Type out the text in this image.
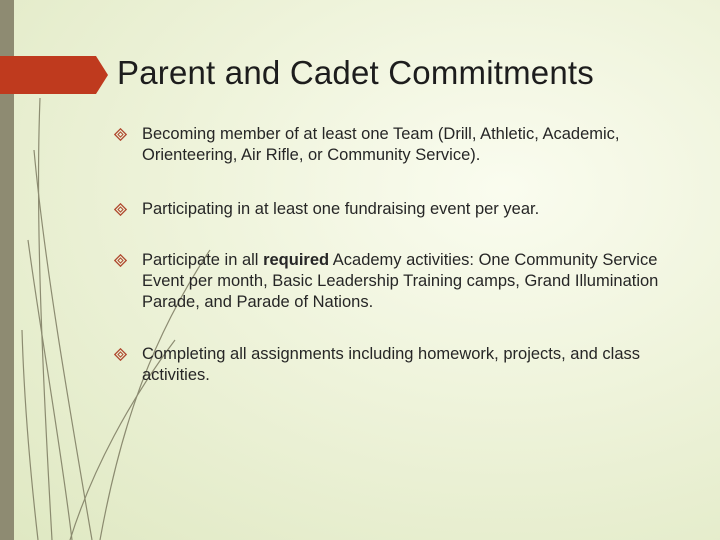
Parent and Cadet Commitments

Becoming member of at least one Team (Drill, Athletic, Academic, Orienteering, Air Rifle, or Community Service).

Participating in at least one fundraising event per year.

Participate in all required Academy activities: One Community Service Event per month, Basic Leadership Training camps, Grand Illumination Parade, and Parade of Nations.

Completing all assignments including homework, projects, and class activities.
